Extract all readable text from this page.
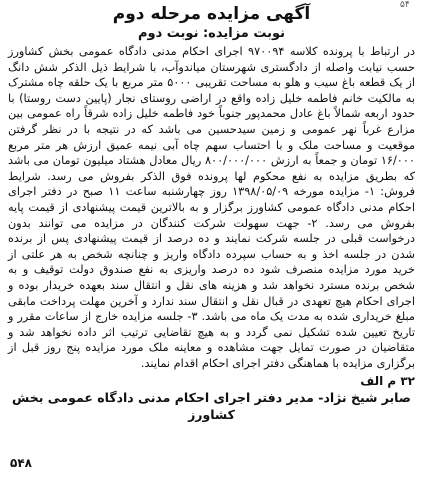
۵۴

آگهی مزایده مرحله دوم

نوبت مزایده: نوبت دوم

در ارتباط با پرونده کلاسه ۹۷۰۰۹۴ اجرای احکام مدنی دادگاه عمومی بخش کشاورز حسب نیابت واصله از دادگستری شهرستان میاندوآب، با شرایط ذیل الذکر شش دانگ از یک قطعه باغ سیب و هلو به مساحت تقریبی ۵۰۰۰ متر مربع با یک حلقه چاه مشترک به مالکیت خانم فاطمه خلیل زاده واقع در اراضی روستای نجار (پایین دست روستا) با حدود اربعه شمالاً باغ عادل محمدپور جنوباً خود فاطمه خلیل زاده شرقاً راه عمومی بین مزارع غرباً نهر عمومی و زمین سیدحسین می باشد که در نتیجه با در نظر گرفتن موقعیت و مساحت ملک و با احتساب سهم چاه آبی نیمه عمیق ارزش هر متر مربع ۱۶/۰۰۰ تومان و جمعاً به ارزش ۸۰۰/۰۰۰/۰۰۰ ریال معادل هشتاد میلیون تومان می باشد که بطریق مزایده به نفع محکوم لها پرونده فوق الذکر بفروش می رسد. شرایط فروش: ۱- مزایده مورخه ۱۳۹۸/۰۵/۰۹ روز چهارشنبه ساعت ۱۱ صبح در دفتر اجرای احکام مدنی دادگاه عمومی کشاورز برگزار و به بالاترین قیمت پیشنهادی از قیمت پایه بفروش می رسد. ۲- جهت سهولت شرکت کنندگان در مزایده می توانند بدون درخواست قبلی در جلسه شرکت نمایند و ده درصد از قیمت پیشنهادی پس از برنده شدن در جلسه اخذ و به حساب سپرده دادگاه واریز و چنانچه شخص به هر علتی از خرید مورد مزایده منصرف شود ده درصد واریزی به نفع صندوق دولت توقیف و به شخص برنده مسترد نخواهد شد و هزینه های نقل و انتقال سند بعهده خریدار بوده و اجرای احکام هیچ تعهدی در قبال نقل و انتقال سند ندارد و آخرین مهلت پرداخت مابقی مبلغ خریداری شده به مدت یک ماه می باشد. ۳- جلسه مزایده خارج از ساعات مقرر و تاریخ تعیین شده تشکیل نمی گردد و به هیچ تقاضایی ترتیب اثر داده نخواهد شد و متقاضیان در صورت تمایل جهت مشاهده و معاینه ملک مورد مزایده پنج روز قبل از برگزاری مزایده با هماهنگی دفتر اجرای احکام اقدام نمایند.

۳۲ م الف

صابر شیخ نژاد- مدیر دفتر اجرای احکام مدنی دادگاه عمومی بخش کشاورز

۵۴۸
